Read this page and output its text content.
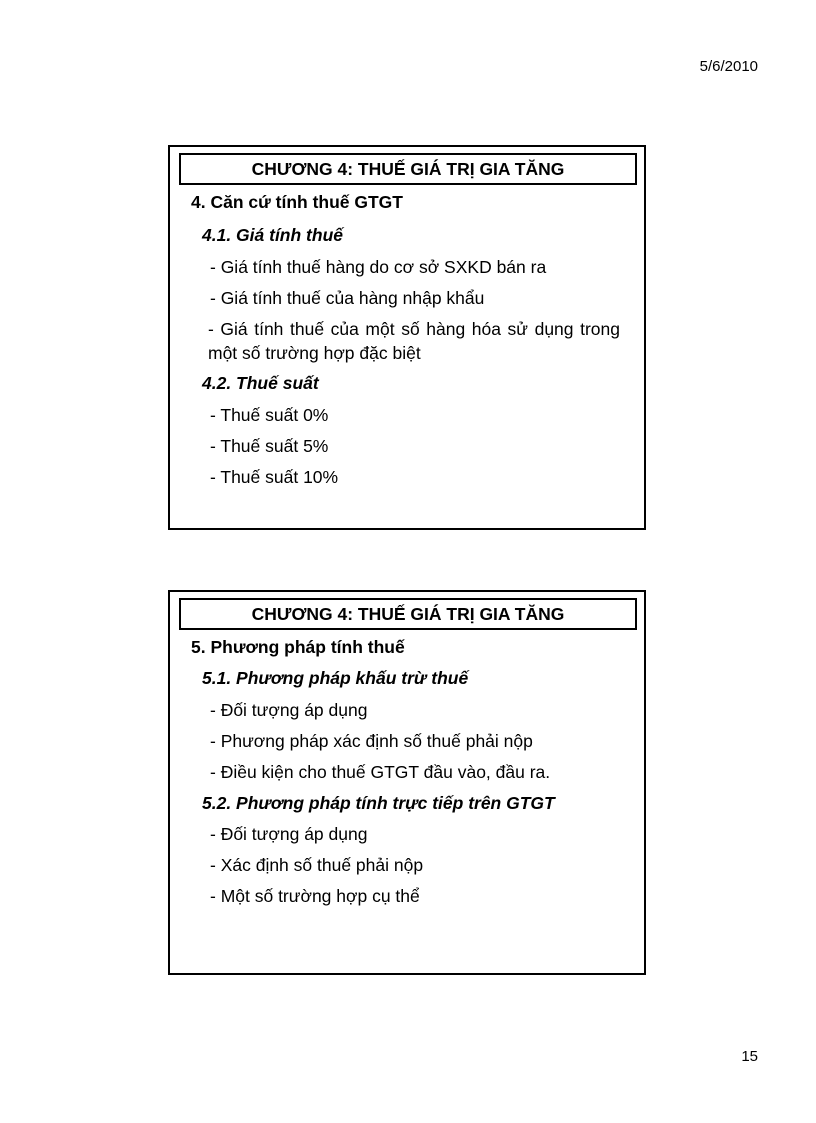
5/6/2010
CHƯƠNG 4: THUẾ GIÁ TRỊ GIA TĂNG
4. Căn cứ tính thuế GTGT
4.1. Giá tính thuế
- Giá tính thuế hàng do cơ sở SXKD bán ra
- Giá tính thuế của hàng nhập khẩu
- Giá tính thuế của một số hàng hóa sử dụng trong một số trường hợp đặc biệt
4.2. Thuế suất
- Thuế suất 0%
- Thuế suất 5%
- Thuế suất 10%
CHƯƠNG 4: THUẾ GIÁ TRỊ GIA TĂNG
5. Phương pháp tính thuế
5.1. Phương pháp khấu trừ thuế
- Đối tượng áp dụng
- Phương pháp xác định số thuế phải nộp
- Điều kiện cho thuế GTGT đầu vào, đầu ra.
5.2. Phương pháp tính trực tiếp trên GTGT
- Đối tượng áp dụng
- Xác định số thuế phải nộp
- Một số trường hợp cụ thể
15
